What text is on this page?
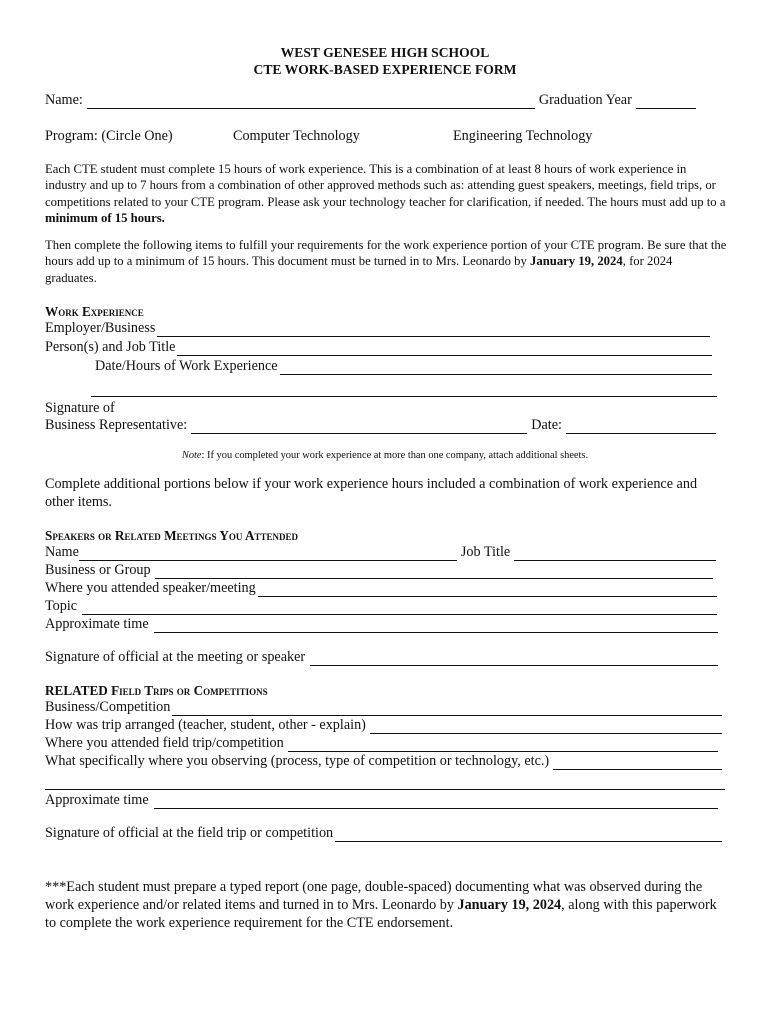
WEST GENESEE HIGH SCHOOL
CTE WORK-BASED EXPERIENCE FORM
Name:	Graduation Year
Program: (Circle One)	Computer Technology	Engineering Technology
Each CTE student must complete 15 hours of work experience. This is a combination of at least 8 hours of work experience in industry and up to 7 hours from a combination of other approved methods such as: attending guest speakers, meetings, field trips, or competitions related to your CTE program. Please ask your technology teacher for clarification, if needed. The hours must add up to a minimum of 15 hours.
Then complete the following items to fulfill your requirements for the work experience portion of your CTE program. Be sure that the hours add up to a minimum of 15 hours. This document must be turned in to Mrs. Leonardo by January 19, 2024, for 2024 graduates.
Work Experience
Employer/Business
Person(s) and Job Title
Date/Hours of Work Experience
Signature of
Business Representative:	Date:
Note: If you completed your work experience at more than one company, attach additional sheets.
Complete additional portions below if your work experience hours included a combination of work experience and other items.
Speakers or Related Meetings You Attended
Name	Job Title
Business or Group
Where you attended speaker/meeting
Topic
Approximate time
Signature of official at the meeting or speaker
RELATED Field Trips or Competitions
Business/Competition
How was trip arranged (teacher, student, other - explain)
Where you attended field trip/competition
What specifically where you observing (process, type of competition or technology, etc.)
Approximate time
Signature of official at the field trip or competition
***Each student must prepare a typed report (one page, double-spaced) documenting what was observed during the work experience and/or related items and turned in to Mrs. Leonardo by January 19, 2024, along with this paperwork to complete the work experience requirement for the CTE endorsement.
